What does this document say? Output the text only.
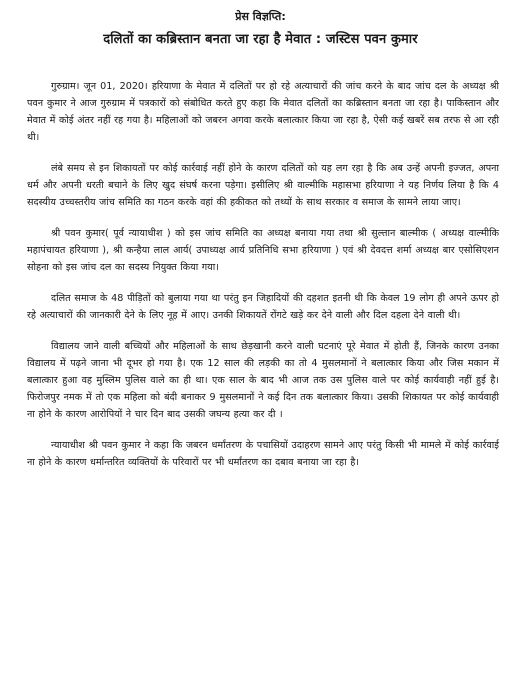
प्रेस विज्ञप्ति:
दलितों का कब्रिस्तान बनता जा रहा है मेवात : जस्टिस पवन कुमार

गुरुग्राम। जून 01, 2020। हरियाणा के मेवात में दलितों पर हो रहे अत्याचारों की जांच करने के बाद जांच दल के अध्यक्ष श्री पवन कुमार ने आज गुरुग्राम में पत्रकारों को संबोधित करते हुए कहा कि मेवात दलितों का कब्रिस्तान बनता जा रहा है। पाकिस्तान और मेवात में कोई अंतर नहीं रह गया है। महिलाओं को जबरन अगवा करके बलात्कार किया जा रहा है, ऐसी कई खबरें सब तरफ से आ रही थी।

लंबे समय से इन शिकायतों पर कोई कार्रवाई नहीं होने के कारण दलितों को यह लग रहा है कि अब उन्हें अपनी इज्जत, अपना धर्म और अपनी धरती बचाने के लिए खुद संघर्ष करना पड़ेगा। इसीलिए श्री वाल्मीकि महासभा हरियाणा ने यह निर्णय लिया है कि 4 सदस्यीय उच्चस्तरीय जांच समिति का गठन करके वहां की हकीकत को तथ्यों के साथ सरकार व समाज के सामने लाया जाए।

श्री पवन कुमार( पूर्व न्यायाधीश ) को इस जांच समिति का अध्यक्ष बनाया गया तथा श्री सुल्तान बाल्मीक ( अध्यक्ष वाल्मीकि महापंचायत हरियाणा ), श्री कन्हैया लाल आर्य( उपाध्यक्ष आर्य प्रतिनिधि सभा हरियाणा ) एवं श्री देवदत्त शर्मा अध्यक्ष बार एसोसिएशन सोहना को इस जांच दल का सदस्य नियुक्त किया गया।

दलित समाज के 48 पीड़ितों को बुलाया गया था परंतु इन जिहादियों की दहशत इतनी थी कि केवल 19 लोग ही अपने ऊपर हो रहे अत्याचारों की जानकारी देने के लिए नूह में आए। उनकी शिकायतें रोंगटे खड़े कर देने वाली और दिल दहला देने वाली थी।

विद्यालय जाने वाली बच्चियों और महिलाओं के साथ छेड़खानी करने वाली घटनाएं पूरे मेवात में होती हैं, जिनके कारण उनका विद्यालय में पढ़ने जाना भी दूभर हो गया है। एक 12 साल की लड़की का तो 4 मुसलमानों ने बलात्कार किया और जिस मकान में बलात्कार हुआ वह मुस्लिम पुलिस वाले का ही था। एक साल के बाद भी आज तक उस पुलिस वाले पर कोई कार्यवाही नहीं हुई है। फिरोजपुर नमक में तो एक महिला को बंदी बनाकर 9 मुसलमानों ने कई दिन तक बलात्कार किया। उसकी शिकायत पर कोई कार्यवाही ना होने के कारण आरोपियों ने चार दिन बाद उसकी जघन्य हत्या कर दी ।

न्यायाधीश श्री पवन कुमार ने कहा कि जबरन धर्मांतरण के पचासियों उदाहरण सामने आए परंतु किसी भी मामले में कोई कार्रवाई ना होने के कारण धर्मान्तरित व्यक्तियों के परिवारों पर भी धर्मांतरण का दबाव बनाया जा रहा है।
